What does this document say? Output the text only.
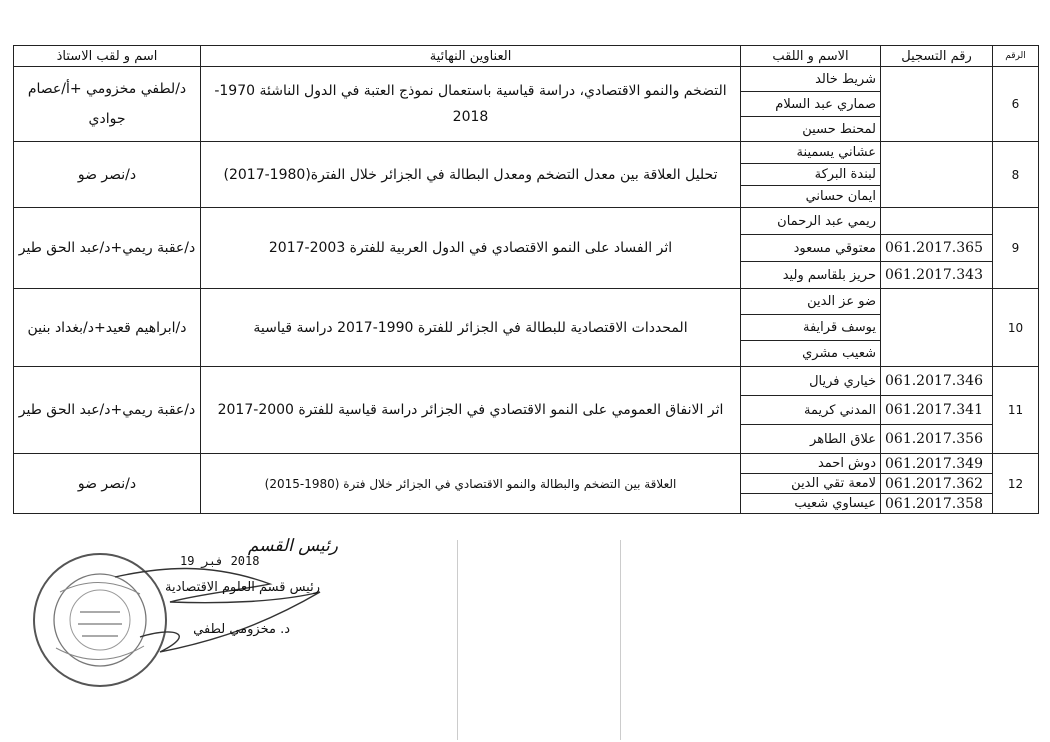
الرقم	رقم التسجيل	الاسم و اللقب	العناوين النهائية	اسم و لقب الاستاذ
6		شريط خالد	التضخم والنمو الاقتصادي، دراسة قياسية باستعمال نموذج العتبة في الدول الناشئة 1970-2018	د/لطفي مخزومي +أ/عصام جوادي
		صماري عبد السلام		
		لمحنط حسين		
8		عشاني يسمينة	تحليل العلاقة بين معدل التضخم ومعدل البطالة في الجزائر خلال الفترة(1980-2017)	د/نصر ضو
		لبندة البركة		
		ايمان حساني		
9		ريمي عبد الرحمان	اثر الفساد على النمو الاقتصادي في الدول العربية للفترة 2003-2017	د/عقبة ريمي+د/عبد الحق طير
	061.2017.365	معتوقي مسعود		
	061.2017.343	حريز بلقاسم وليد		
10		ضو عز الدين	المحددات الاقتصادية للبطالة في الجزائر للفترة 1990-2017 دراسة قياسية	د/ابراهيم قعيد+د/بغداد بنين
		يوسف قرايفة		
		شعيب مشري		
11	061.2017.346	خياري فريال	اثر الانفاق العمومي على النمو الاقتصادي في الجزائر دراسة قياسية للفترة 2000-2017	د/عقبة ريمي+د/عبد الحق طير
	061.2017.341	المدني كريمة		
	061.2017.356	علاق الطاهر		
12	061.2017.349	دوش احمد	العلاقة بين التضخم والبطالة والنمو الاقتصادي في الجزائر خلال فترة (1980-2015)	د/نصر ضو
	061.2017.362	لامعة تقي الدين		
	061.2017.358	عيساوي شعيب		
رئيس القسم
2018 فبر 19
رئيس قسم العلوم الاقتصادية
د. مخزومي لطفي
